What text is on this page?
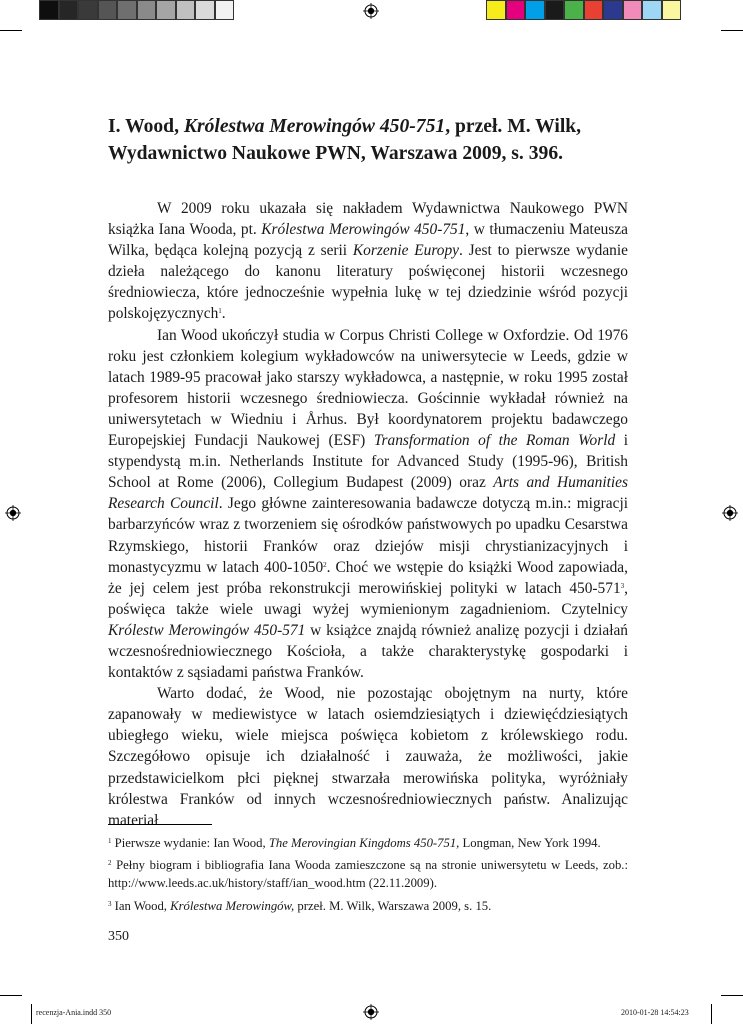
I. Wood, Królestwa Merowingów 450-751, przeł. M. Wilk,
Wydawnictwo Naukowe PWN, Warszawa 2009, s. 396.

W 2009 roku ukazała się nakładem Wydawnictwa Naukowego PWN książka Iana Wooda, pt. Królestwa Merowingów 450-751, w tłumaczeniu Mateusza Wilka, będąca kolejną pozycją z serii Korzenie Europy. Jest to pierwsze wydanie dzieła należącego do kanonu literatury poświęconej historii wczesnego średniowiecza, które jednocześnie wypełnia lukę w tej dziedzinie wśród pozycji polskojęzycznych$^1$.

Ian Wood ukończył studia w Corpus Christi College w Oxfordzie. Od 1976 roku jest członkiem kolegium wykładowców na uniwersytecie w Leeds, gdzie w latach 1989-95 pracował jako starszy wykładowca, a następnie, w roku 1995 został profesorem historii wczesnego średniowiecza. Gościnnie wykładał również na uniwersytetach w Wiedniu i Århus. Był koordynatorem projektu badawczego Europejskiej Fundacji Naukowej (ESF) Transformation of the Roman World i stypendystą m.in. Netherlands Institute for Advanced Study (1995-96), British School at Rome (2006), Collegium Budapest (2009) oraz Arts and Humanities Research Council. Jego główne zainteresowania badawcze dotyczą m.in.: migracji barbarzyńców wraz z tworzeniem się ośrodków państwowych po upadku Cesarstwa Rzymskiego, historii Franków oraz dziejów misji chrystianizacyjnych i monastycyzmu w latach 400-1050$^2$. Choć we wstępie do książki Wood zapowiada, że jej celem jest próba rekonstrukcji merowińskiej polityki w latach $450-571^3$, poświęca także wiele uwagi wyżej wymienionym zagadnieniom. Czytelnicy Królestw Merowingów 450-571 w książce znajdą również analizę pozycji i działań wczesnośredniowiecznego Kościoła, a także charakterystykę gospodarki i kontaktów z sąsiadami państwa Franków.

Warto dodać, że Wood, nie pozostając obojętnym na nurty, które zapanowały w mediewistyce w latach osiemdziesiątych i dziewięćdziesiątych ubiegłego wieku, wiele miejsca poświęca kobietom z królewskiego rodu. Szczegółowo opisuje ich działalność i zauważa, że możliwości, jakie przedstawicielkom płci pięknej stwarzała merowińska polityka, wyróżniały królestwa Franków od innych wczesnośredniowiecznych państw. Analizując materiał

$^1$ Pierwsze wydanie: Ian Wood, The Merovingian Kingdoms 450-751, Longman, New York 1994.

$^2$ Pełny biogram i bibliografia Iana Wooda zamieszczone są na stronie uniwersytetu w Leeds, zob.: http://www.leeds.ac.uk/history/staff/ian_wood.htm (22.11.2009).

$^3$ Ian Wood, Królestwa Merowingów, przeł. M. Wilk, Warszawa 2009, s. 15.

350
recenzja-Ania.indd 350	2010-01-28 14:54:23
